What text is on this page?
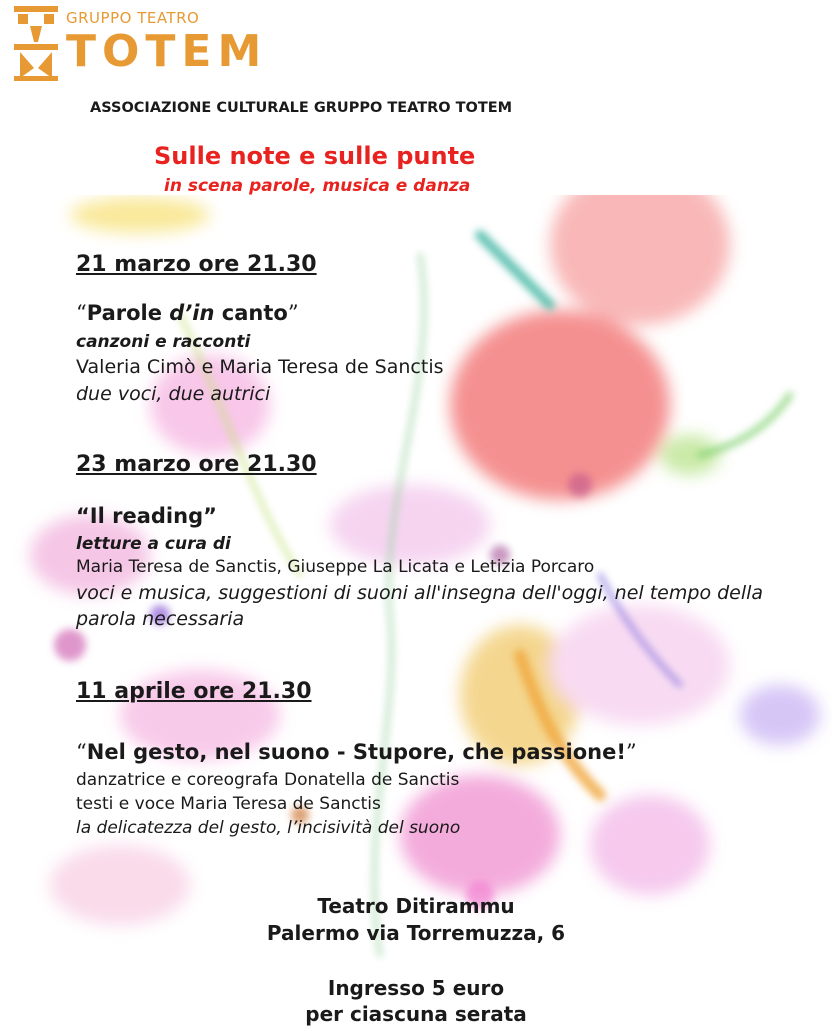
GRUPPO TEATRO
TOTEM
ASSOCIAZIONE CULTURALE GRUPPO TEATRO TOTEM
Sulle note e sulle punte
in scena parole, musica e danza
21 marzo ore 21.30
“Parole d’in canto”
canzoni e racconti
Valeria Cimò e Maria Teresa de Sanctis
due voci, due autrici
23 marzo ore 21.30
“Il reading”
letture a cura di
Maria Teresa de Sanctis, Giuseppe La Licata e Letizia Porcaro
voci e musica, suggestioni di suoni all'insegna dell'oggi, nel tempo della parola necessaria
11 aprile ore 21.30
“Nel gesto, nel suono - Stupore, che passione!”
danzatrice e coreografa Donatella de Sanctis
testi e voce Maria Teresa de Sanctis
la delicatezza del gesto, l’incisività del suono
Teatro Ditirammu
Palermo via Torremuzza, 6
Ingresso 5 euro
per ciascuna serata
